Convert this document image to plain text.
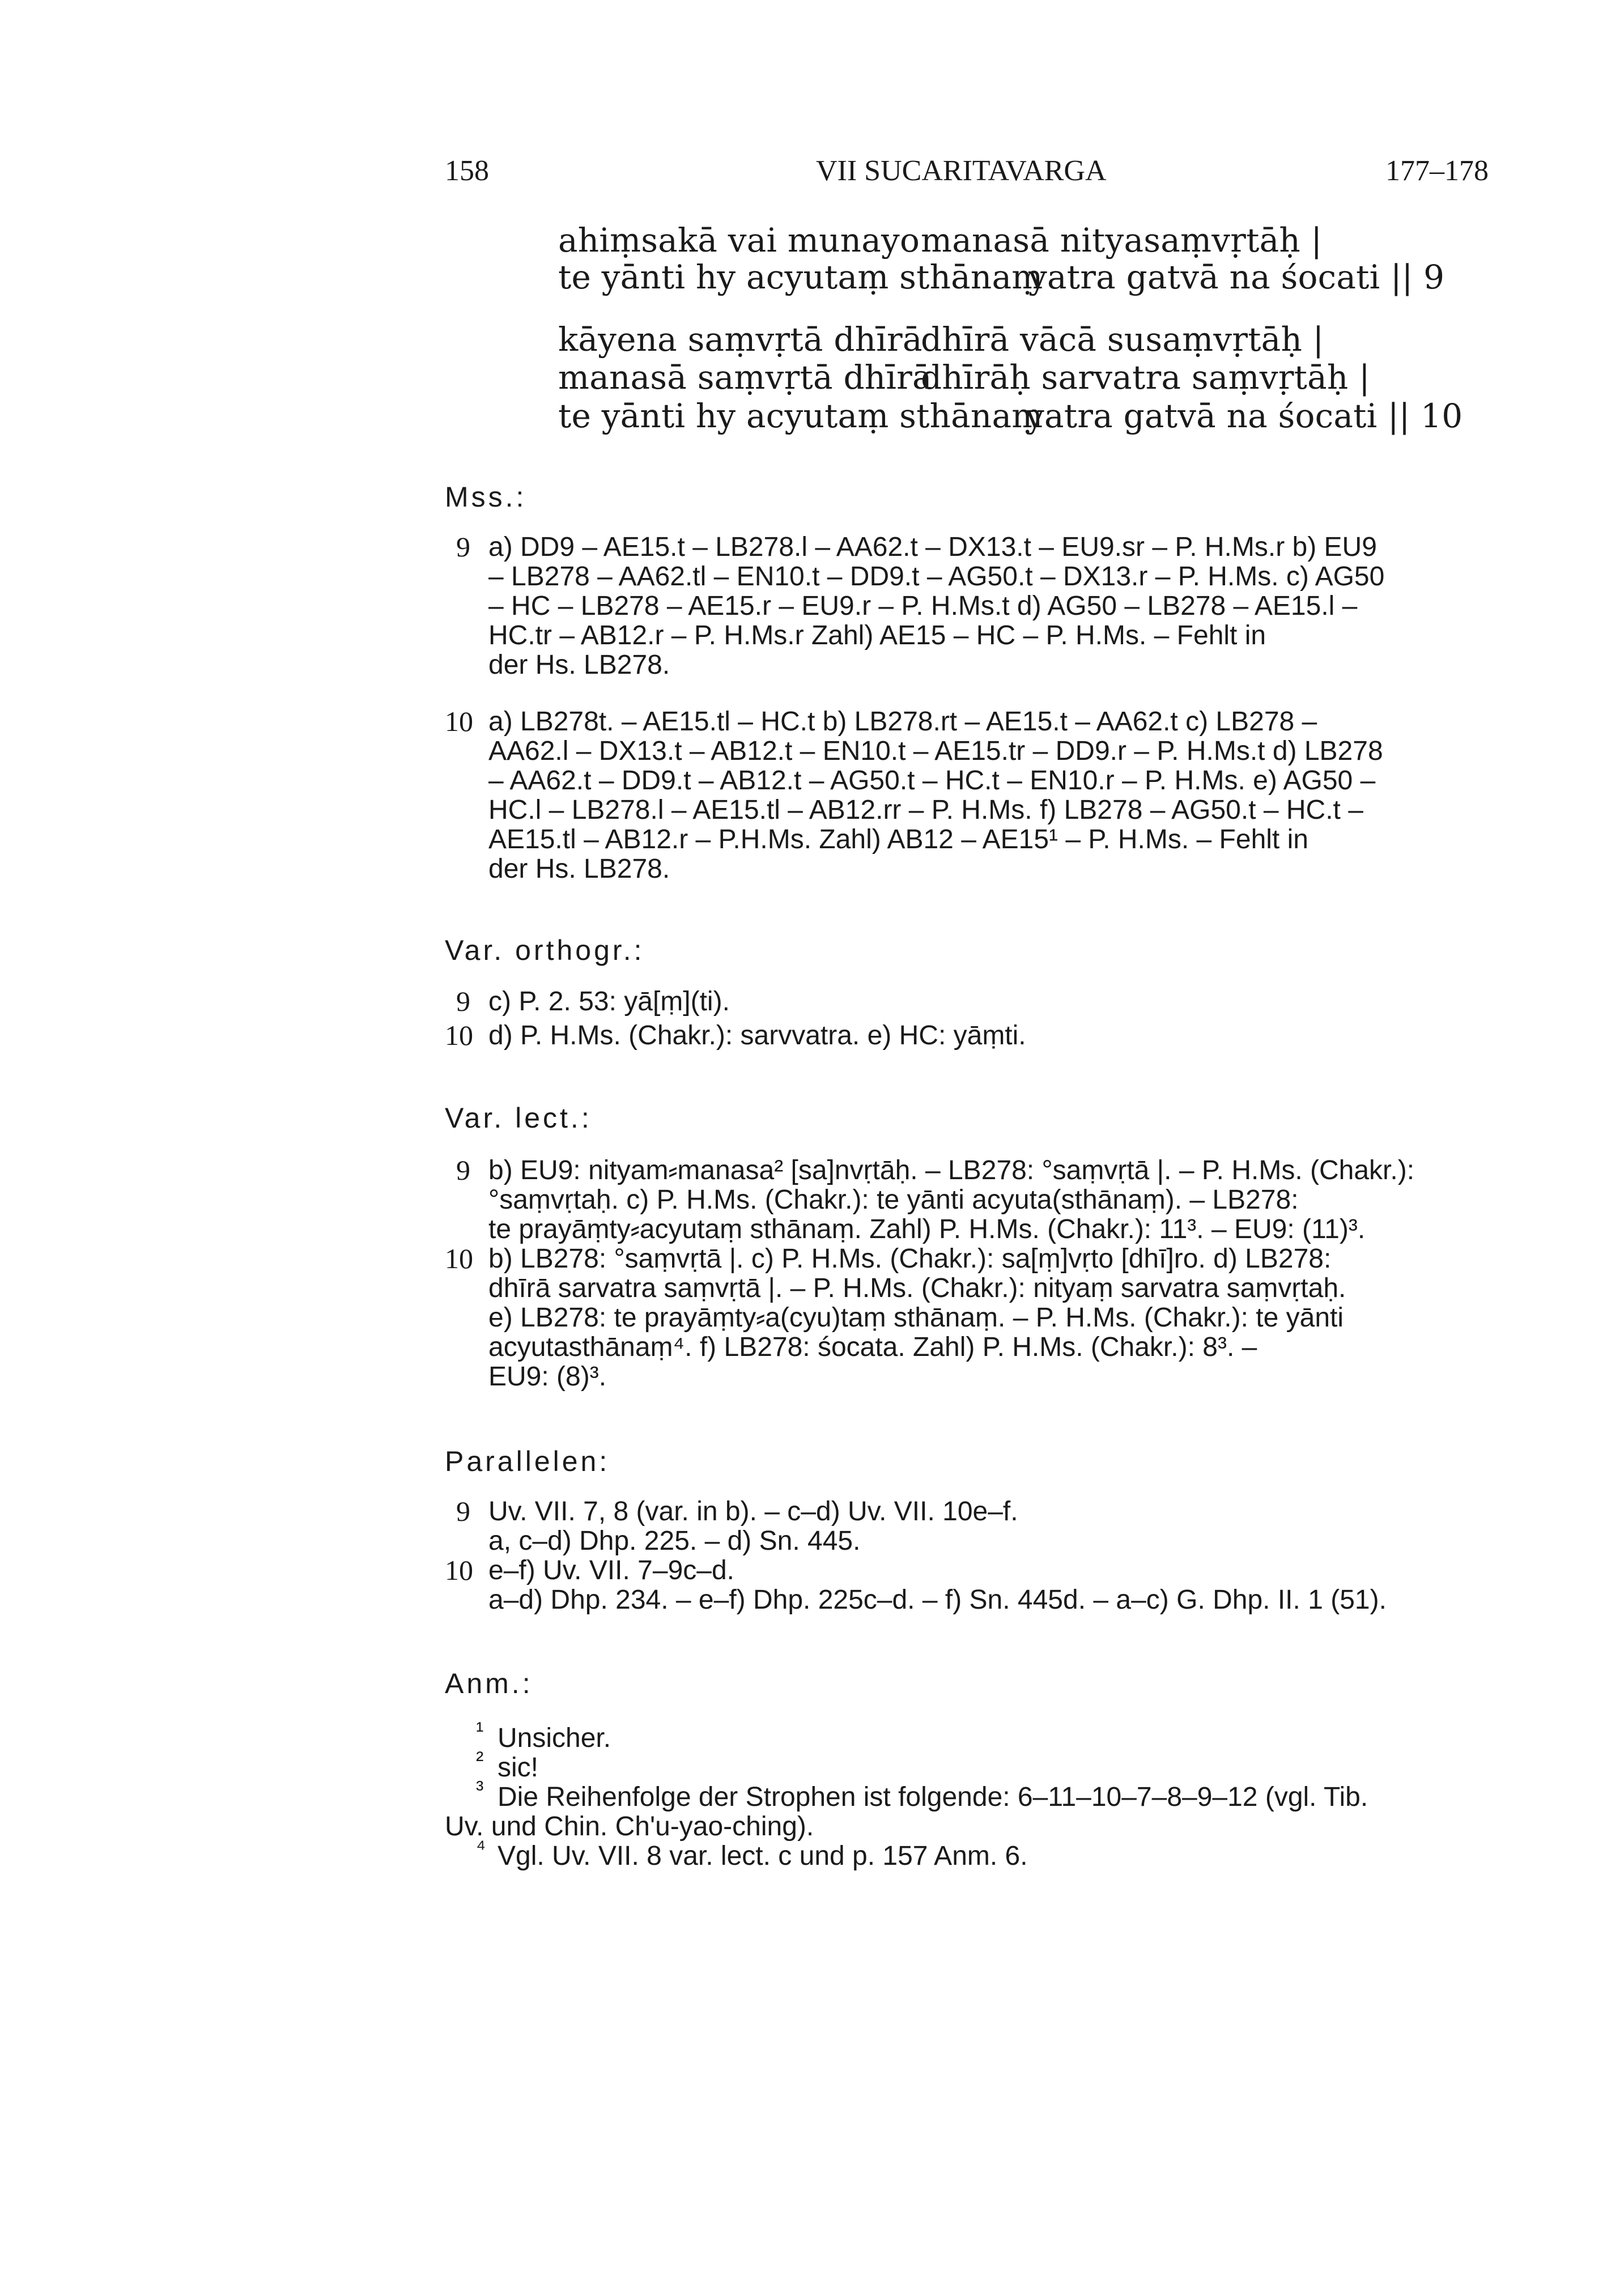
158	VII SUCARITAVARGA	177–178
ahiṃsakā vai munayo manasā nityasaṃvṛtāḥ |
te yānti hy acyutaṃ sthānaṃ
yatra gatvā na śocati || 9
kāyena saṃvṛtā dhīrā
dhīrā vācā susaṃvṛtāḥ |
manasā saṃvṛtā dhīrā
dhīrāḥ sarvatra saṃvṛtāḥ |
te yānti hy acyutaṃ sthānaṃ
yatra gatvā na śocati || 10
Mss.:
9 a) DD9 – AE15.t – LB278.l – AA62.t – DX13.t – EU9.sr – P. H.Ms.r b) EU9
– LB278 – AA62.tl – EN10.t – DD9.t – AG50.t – DX13.r – P. H.Ms. c) AG50
– HC – LB278 – AE15.r – EU9.r – P. H.Ms.t d) AG50 – LB278 – AE15.l –
HC.tr – AB12.r – P. H.Ms.r Zahl) AE15 – HC – P. H.Ms. – Fehlt in
der Hs. LB278.
10 a) LB278t. – AE15.tl – HC.t b) LB278.rt – AE15.t – AA62.t c) LB278 –
AA62.l – DX13.t – AB12.t – EN10.t – AE15.tr – DD9.r – P. H.Ms.t d) LB278
– AA62.t – DD9.t – AB12.t – AG50.t – HC.t – EN10.r – P. H.Ms. e) AG50 –
HC.l – LB278.l – AE15.tl – AB12.rr – P. H.Ms. f) LB278 – AG50.t – HC.t –
AE15.tl – AB12.r – P.H.Ms. Zahl) AB12 – AE15¹ – P. H.Ms. – Fehlt in
der Hs. LB278.
Var. orthogr.:
9 c) P. 2. 53: yā[ṃ](ti).
10 d) P. H.Ms. (Chakr.): sarvvatra. e) HC: yāṃti.
Var. lect.:
9 b) EU9: nityam⸗manasa² [sa]nvṛtāḥ. – LB278: °saṃvṛtā |. – P. H.Ms. (Chakr.):
°saṃvṛtaḥ. c) P. H.Ms. (Chakr.): te yānti acyuta(sthānaṃ). – LB278:
te prayāṃty⸗acyutaṃ sthānaṃ. Zahl) P. H.Ms. (Chakr.): 11³. – EU9: (11)³.
10 b) LB278: °saṃvṛtā |. c) P. H.Ms. (Chakr.): sa[ṃ]vṛto [dhī]ro. d) LB278:
dhīrā sarvatra saṃvṛtā |. – P. H.Ms. (Chakr.): nityaṃ sarvatra saṃvṛtaḥ.
e) LB278: te prayāṃty⸗a(cyu)taṃ sthānaṃ. – P. H.Ms. (Chakr.): te yānti
acyutasthānaṃ⁴. f) LB278: śocata. Zahl) P. H.Ms. (Chakr.): 8³. –
EU9: (8)³.
Parallelen:
9 Uv. VII. 7, 8 (var. in b). – c–d) Uv. VII. 10e–f.
a, c–d) Dhp. 225. – d) Sn. 445.
10 e–f) Uv. VII. 7–9c–d.
a–d) Dhp. 234. – e–f) Dhp. 225c–d. – f) Sn. 445d. – a–c) G. Dhp. II. 1 (51).
Anm.:
¹ Unsicher.
² sic!
³ Die Reihenfolge der Strophen ist folgende: 6–11–10–7–8–9–12 (vgl. Tib.
Uv. und Chin. Ch'u-yao-ching).
⁴ Vgl. Uv. VII. 8 var. lect. c und p. 157 Anm. 6.
